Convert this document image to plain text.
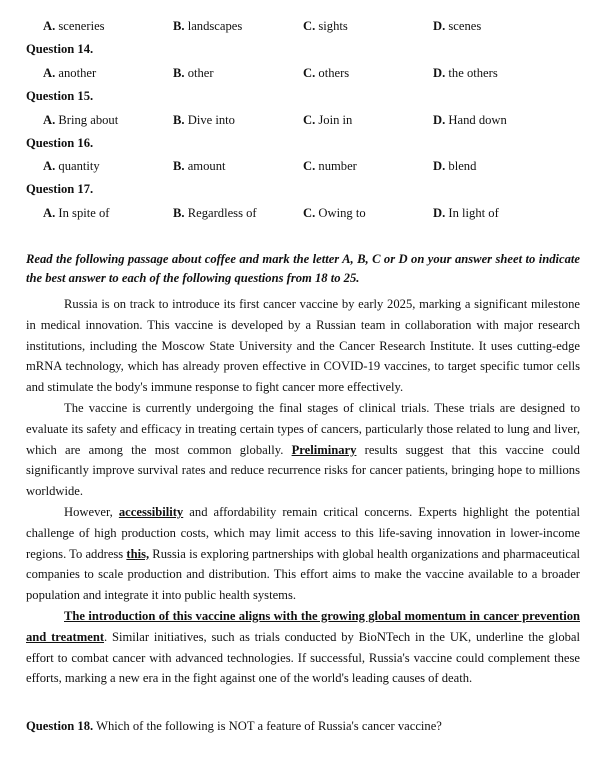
A. sceneries	B. landscapes	C. sights	D. scenes
Question 14.
A. another	B. other	C. others	D. the others
Question 15.
A. Bring about	B. Dive into	C. Join in	D. Hand down
Question 16.
A. quantity	B. amount	C. number	D. blend
Question 17.
A. In spite of	B. Regardless of	C. Owing to	D. In light of
Read the following passage about coffee and mark the letter A, B, C or D on your answer sheet to indicate the best answer to each of the following questions from 18 to 25.

Russia is on track to introduce its first cancer vaccine by early 2025, marking a significant milestone in medical innovation. This vaccine is developed by a Russian team in collaboration with major research institutions, including the Moscow State University and the Cancer Research Institute. It uses cutting-edge mRNA technology, which has already proven effective in COVID-19 vaccines, to target specific tumor cells and stimulate the body's immune response to fight cancer more effectively.

The vaccine is currently undergoing the final stages of clinical trials. These trials are designed to evaluate its safety and efficacy in treating certain types of cancers, particularly those related to lung and liver, which are among the most common globally. Preliminary results suggest that this vaccine could significantly improve survival rates and reduce recurrence risks for cancer patients, bringing hope to millions worldwide.

However, accessibility and affordability remain critical concerns. Experts highlight the potential challenge of high production costs, which may limit access to this life-saving innovation in lower-income regions. To address this, Russia is exploring partnerships with global health organizations and pharmaceutical companies to scale production and distribution. This effort aims to make the vaccine available to a broader population and integrate it into public health systems.

The introduction of this vaccine aligns with the growing global momentum in cancer prevention and treatment. Similar initiatives, such as trials conducted by BioNTech in the UK, underline the global effort to combat cancer with advanced technologies. If successful, Russia's vaccine could complement these efforts, marking a new era in the fight against one of the world's leading causes of death.

Question 18. Which of the following is NOT a feature of Russia's cancer vaccine?
